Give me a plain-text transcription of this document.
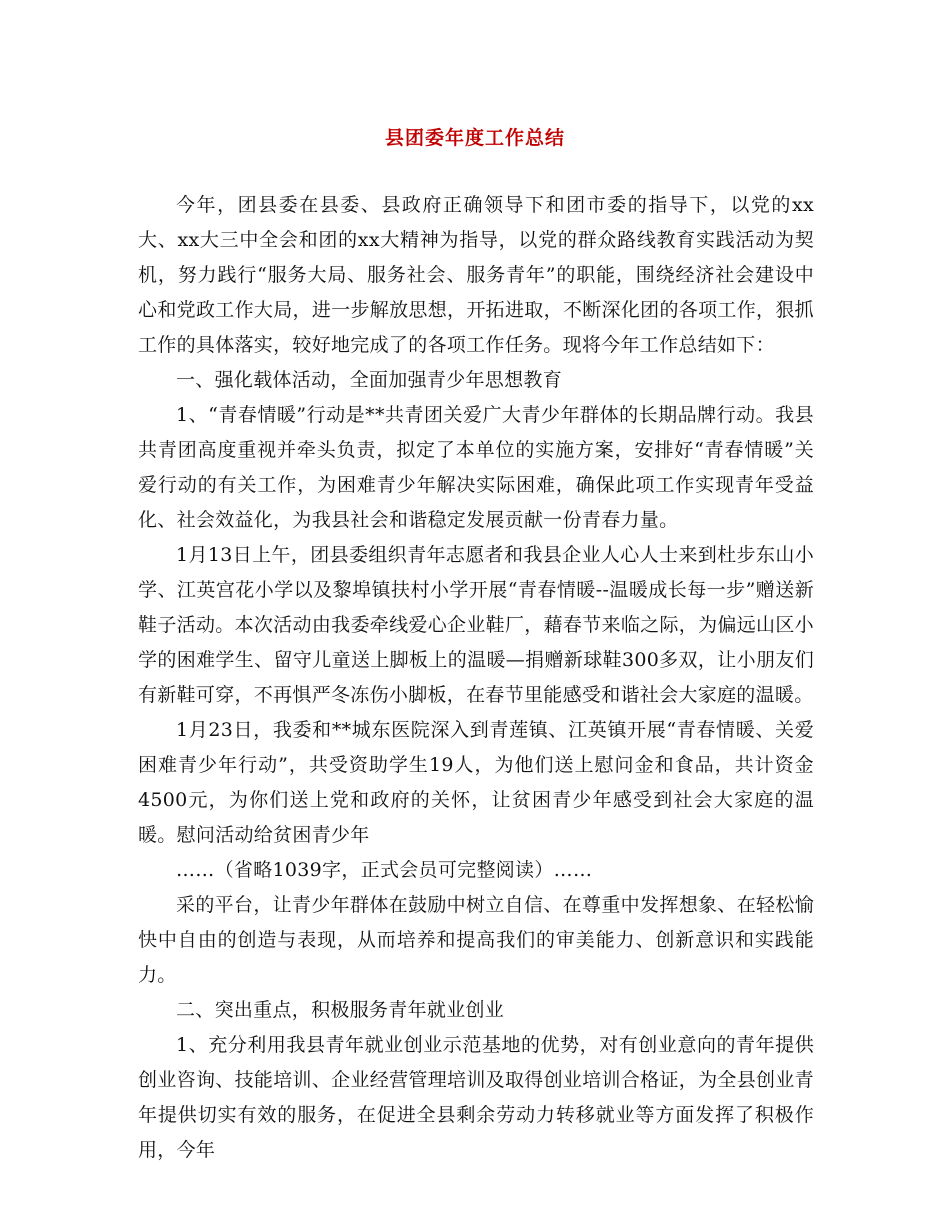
县团委年度工作总结

今年，团县委在县委、县政府正确领导下和团市委的指导下，以党的xx大、xx大三中全会和团的xx大精神为指导，以党的群众路线教育实践活动为契机，努力践行“服务大局、服务社会、服务青年”的职能，围绕经济社会建设中心和党政工作大局，进一步解放思想，开拓进取，不断深化团的各项工作，狠抓工作的具体落实，较好地完成了的各项工作任务。现将今年工作总结如下：

一、强化载体活动，全面加强青少年思想教育

1、“青春情暖”行动是**共青团关爱广大青少年群体的长期品牌行动。我县共青团高度重视并牵头负责，拟定了本单位的实施方案，安排好“青春情暖”关爱行动的有关工作，为困难青少年解决实际困难，确保此项工作实现青年受益化、社会效益化，为我县社会和谐稳定发展贡献一份青春力量。

1月13日上午，团县委组织青年志愿者和我县企业人心人士来到杜步东山小学、江英宫花小学以及黎埠镇扶村小学开展“青春情暖--温暖成长每一步”赠送新鞋子活动。本次活动由我委牵线爱心企业鞋厂，藉春节来临之际，为偏远山区小学的困难学生、留守儿童送上脚板上的温暖—捐赠新球鞋300多双，让小朋友们有新鞋可穿，不再惧严冬冻伤小脚板，在春节里能感受和谐社会大家庭的温暖。

1月23日，我委和**城东医院深入到青莲镇、江英镇开展“青春情暖、关爱困难青少年行动”，共受资助学生19人，为他们送上慰问金和食品，共计资金4500元，为你们送上党和政府的关怀，让贫困青少年感受到社会大家庭的温暖。慰问活动给贫困青少年

……（省略1039字，正式会员可完整阅读）……

采的平台，让青少年群体在鼓励中树立自信、在尊重中发挥想象、在轻松愉快中自由的创造与表现，从而培养和提高我们的审美能力、创新意识和实践能力。

二、突出重点，积极服务青年就业创业

1、充分利用我县青年就业创业示范基地的优势，对有创业意向的青年提供创业咨询、技能培训、企业经营管理培训及取得创业培训合格证，为全县创业青年提供切实有效的服务，在促进全县剩余劳动力转移就业等方面发挥了积极作用，今年
